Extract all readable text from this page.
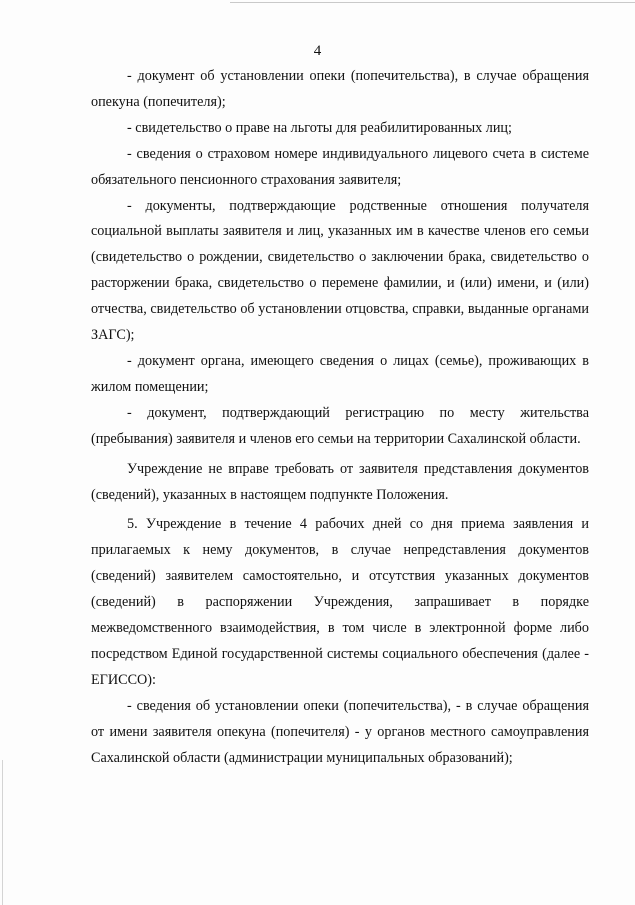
4

- документ об установлении опеки (попечительства), в случае обращения опекуна (попечителя);

- свидетельство о праве на льготы для реабилитированных лиц;

- сведения о страховом номере индивидуального лицевого счета в системе обязательного пенсионного страхования заявителя;

- документы, подтверждающие родственные отношения получателя социальной выплаты заявителя и лиц, указанных им в качестве членов его семьи (свидетельство о рождении, свидетельство о заключении брака, свидетельство о расторжении брака, свидетельство о перемене фамилии, и (или) имени, и (или) отчества, свидетельство об установлении отцовства, справки, выданные органами ЗАГС);

- документ органа, имеющего сведения о лицах (семье), проживающих в жилом помещении;

- документ, подтверждающий регистрацию по месту жительства (пребывания) заявителя и членов его семьи на территории Сахалинской области.

Учреждение не вправе требовать от заявителя представления документов (сведений), указанных в настоящем подпункте Положения.

5. Учреждение в течение 4 рабочих дней со дня приема заявления и прилагаемых к нему документов, в случае непредставления документов (сведений) заявителем самостоятельно, и отсутствия указанных документов (сведений) в распоряжении Учреждения, запрашивает в порядке межведомственного взаимодействия, в том числе в электронной форме либо посредством Единой государственной системы социального обеспечения (далее - ЕГИССО):

- сведения об установлении опеки (попечительства), - в случае обращения от имени заявителя опекуна (попечителя) - у органов местного самоуправления Сахалинской области (администрации муниципальных образований);
